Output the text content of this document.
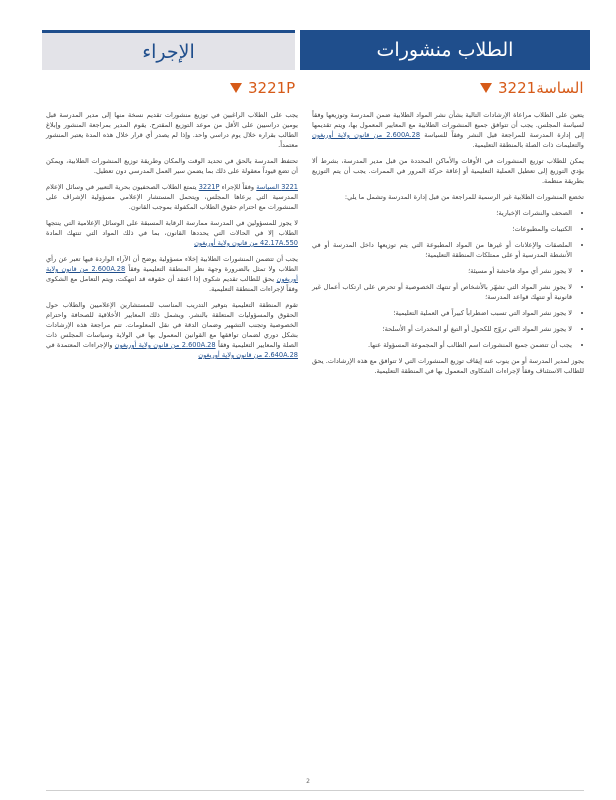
الطلاب منشورات
الإجراء
الساسة3221
3221P

يتعين على الطلاب مراعاة الإرشادات التالية بشأن نشر المواد الطلابية ضمن المدرسة وتوزيعها وفقاً لسياسة المجلس. يجب أن تتوافق جميع المنشورات الطلابية مع المعايير المعمول بها، ويتم تقديمها إلى إدارة المدرسة للمراجعة قبل النشر وفقاً للسياسة 2.600A.28 من قانون ولاية أوريغون والتعليمات ذات الصلة بالمنطقة التعليمية.

يمكن للطلاب توزيع المنشورات في الأوقات والأماكن المحددة من قبل مدير المدرسة، بشرط ألا يؤدي التوزيع إلى تعطيل العملية التعليمية أو إعاقة حركة المرور في الممرات. يجب أن يتم التوزيع بطريقة منظمة.

تخضع المنشورات الطلابية غير الرسمية للمراجعة من قبل إدارة المدرسة وتشمل ما يلي:

• الصحف والنشرات الإخبارية؛
• الكتيبات والمطبوعات؛
• الملصقات والإعلانات أو غيرها من المواد المطبوعة التي يتم توزيعها داخل المدرسة أو في الأنشطة المدرسية أو على ممتلكات المنطقة التعليمية؛
• لا يجوز نشر أي مواد فاحشة أو مسيئة؛
• لا يجوز نشر المواد التي تشهّر بالأشخاص أو تنتهك الخصوصية أو تحرض على ارتكاب أعمال غير قانونية أو تنتهك قواعد المدرسة؛
• لا يجوز نشر المواد التي تسبب اضطراباً كبيراً في العملية التعليمية؛
• لا يجوز نشر المواد التي تروّج للكحول أو التبغ أو المخدرات أو الأسلحة؛
• يجب أن تتضمن جميع المنشورات اسم الطالب أو المجموعة المسؤولة عنها.

يجوز لمدير المدرسة أو من ينوب عنه إيقاف توزيع المنشورات التي لا تتوافق مع هذه الإرشادات. يحق للطالب الاستئناف وفقاً لإجراءات الشكاوى المعمول بها في المنطقة التعليمية.

يجب على الطلاب الراغبين في توزيع منشورات تقديم نسخة منها إلى مدير المدرسة قبل يومين دراسيين على الأقل من موعد التوزيع المقترح. يقوم المدير بمراجعة المنشور وإبلاغ الطالب بقراره خلال يوم دراسي واحد. وإذا لم يصدر أي قرار خلال هذه المدة يعتبر المنشور معتمداً.

تحتفظ المدرسة بالحق في تحديد الوقت والمكان وطريقة توزيع المنشورات الطلابية، ويمكن أن تضع قيوداً معقولة على ذلك بما يضمن سير العمل المدرسي دون تعطيل.

3221 السياسة وفقاً للإجراء 3221P يتمتع الطلاب الصحفيون بحرية التعبير في وسائل الإعلام المدرسية التي يرعاها المجلس، ويتحمل المستشار الإعلامي مسؤولية الإشراف على المنشورات مع احترام حقوق الطلاب المكفولة بموجب القانون.

لا يجوز للمسؤولين في المدرسة ممارسة الرقابة المسبقة على الوسائل الإعلامية التي ينتجها الطلاب إلا في الحالات التي يحددها القانون، بما في ذلك المواد التي تنتهك المادة 42.17A.550 من قانون ولاية أوريغون

يجب أن تتضمن المنشورات الطلابية إخلاء مسؤولية يوضح أن الآراء الواردة فيها تعبر عن رأي الطلاب ولا تمثل بالضرورة وجهة نظر المنطقة التعليمية وفقاً 2.600A.28 من قانون ولاية أوريغون يحق للطالب تقديم شكوى إذا اعتقد أن حقوقه قد انتهكت، ويتم التعامل مع الشكوى وفقاً لإجراءات المنطقة التعليمية.

تقوم المنطقة التعليمية بتوفير التدريب المناسب للمستشارين الإعلاميين والطلاب حول الحقوق والمسؤوليات المتعلقة بالنشر. ويشمل ذلك المعايير الأخلاقية للصحافة واحترام الخصوصية وتجنب التشهير وضمان الدقة في نقل المعلومات. تتم مراجعة هذه الإرشادات بشكل دوري لضمان توافقها مع القوانين المعمول بها في الولاية وسياسات المجلس ذات الصلة والمعايير التعليمية وفقاً 2.600A.28 من قانون ولاية أوريغون والإجراءات المعتمدة في 2.640A.28 من قانون ولاية أوريغون

2
